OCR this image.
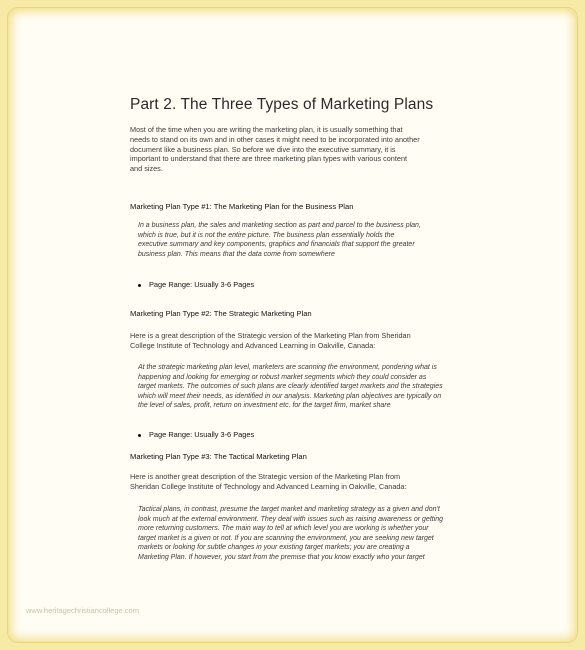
Part 2. The Three Types of Marketing Plans

Most of the time when you are writing the marketing plan, it is usually something that

needs to stand on its own and in other cases it might need to be incorporated into another

document like a business plan. So before we dive into the executive summary, it is

important to understand that there are three marketing plan types with various content

and sizes.

Marketing Plan Type #1: The Marketing Plan for the Business Plan
In a business plan, the sales and marketing section as part and parcel to the business plan,
which is true, but it is not the entire picture. The business plan essentially holds the
executive summary and key components, graphics and financials that support the greater
business plan. This means that the data come from somewhere
Page Range: Usually 3-6 Pages
Marketing Plan Type #2: The Strategic Marketing Plan

Here is a great description of the Strategic version of the Marketing Plan from Sheridan

College Institute of Technology and Advanced Learning in Oakville, Canada:

At the strategic marketing plan level, marketers are scanning the environment, pondering what is
happening and looking for emerging or robust market segments which they could consider as
target markets. The outcomes of such plans are clearly identified target markets and the strategies
which will meet their needs, as identified in our analysis. Marketing plan objectives are typically on
the level of sales, profit, return on investment etc. for the target firm, market share
Page Range: Usually 3-6 Pages
Marketing Plan Type #3: The Tactical Marketing Plan

Here is another great description of the Strategic version of the Marketing Plan from

Sheridan College Institute of Technology and Advanced Learning in Oakville, Canada:

Tactical plans, in contrast, presume the target market and marketing strategy as a given and don't
look much at the external environment. They deal with issues such as raising awareness or getting
more returning customers. The main way to tell at which level you are working is whether your
target market is a given or not. If you are scanning the environment, you are seeking new target
markets or looking for subtle changes in your existing target markets; you are creating a
Marketing Plan. If however, you start from the premise that you know exactly who your target
www.heritagechristiancollege.com
